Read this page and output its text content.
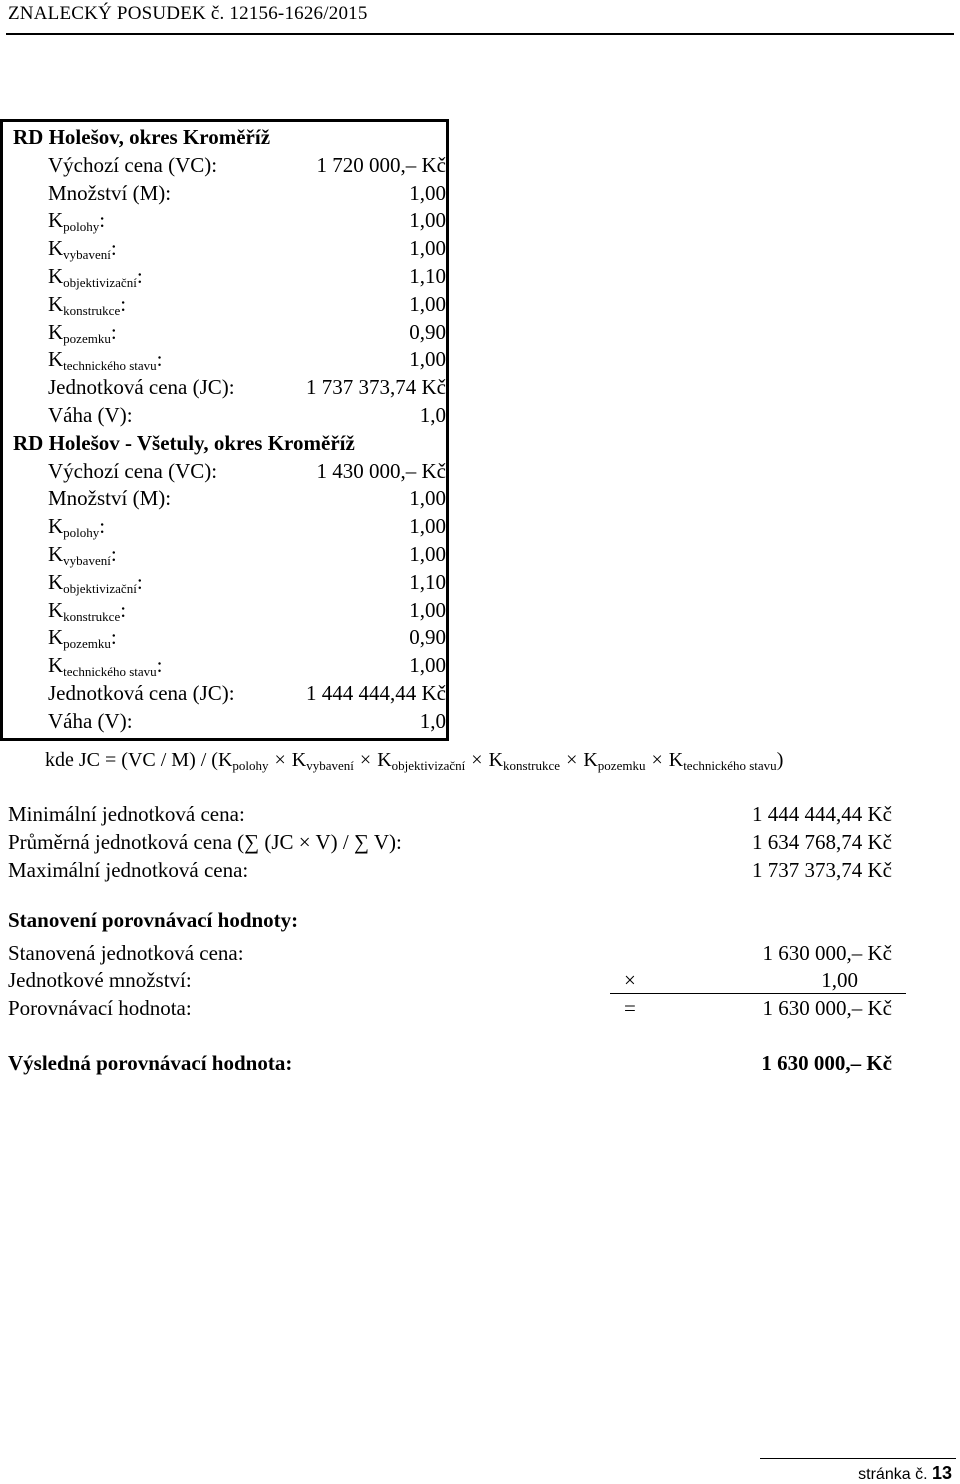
ZNALECKÝ POSUDEK č. 12156-1626/2015
RD Holešov, okres Kroměříž
Výchozí cena (VC):	1 720 000,– Kč
Množství (M):	1,00
$K_{polohy}$:	1,00
$K_{vybavení}$:	1,00
$K_{objektivizační}$:	1,10
$K_{konstrukce}$:	1,00
$K_{pozemku}$:	0,90
$K_{technického stavu}$:	1,00
Jednotková cena (JC):	1 737 373,74 Kč
Váha (V):	1,0
RD Holešov - Všetuly, okres Kroměříž
Výchozí cena (VC):	1 430 000,– Kč
Množství (M):	1,00
$K_{polohy}$:	1,00
$K_{vybavení}$:	1,00
$K_{objektivizační}$:	1,10
$K_{konstrukce}$:	1,00
$K_{pozemku}$:	0,90
$K_{technického stavu}$:	1,00
Jednotková cena (JC):	1 444 444,44 Kč
Váha (V):	1,0
kde JC = $(VC / M) / (K_{polohy} \times K_{vybavení} \times K_{objektivizační} \times K_{konstrukce} \times K_{pozemku} \times K_{technického stavu})$
Minimální jednotková cena:	1 444 444,44 Kč
Průměrná jednotková cena (∑ (JC × V) / ∑ V):	1 634 768,74 Kč
Maximální jednotková cena:	1 737 373,74 Kč
Stanovení porovnávací hodnoty:
Stanovená jednotková cena:	1 630 000,– Kč
Jednotkové množství:	×	1,00
Porovnávací hodnota:	=	1 630 000,– Kč
Výsledná porovnávací hodnota:	1 630 000,– Kč
stránka č. 13
